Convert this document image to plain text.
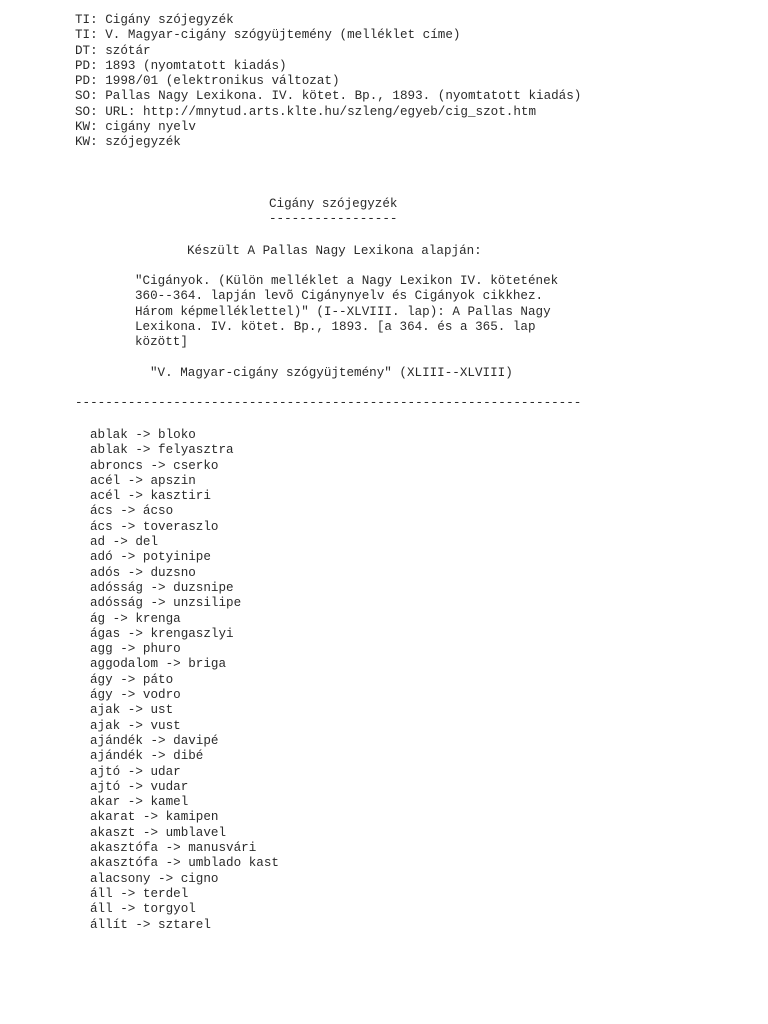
TI: Cigány szójegyzék
TI: V. Magyar-cigány szógyüjtemény (melléklet címe)
DT: szótár
PD: 1893 (nyomtatott kiadás)
PD: 1998/01 (elektronikus változat)
SO: Pallas Nagy Lexikona. IV. kötet. Bp., 1893. (nyomtatott kiadás)
SO: URL: http://mnytud.arts.klte.hu/szleng/egyeb/cig_szot.htm
KW: cigány nyelv
KW: szójegyzék
Cigány szójegyzék
-----------------
Készült A Pallas Nagy Lexikona alapján:
"Cigányok. (Külön melléklet a Nagy Lexikon IV. kötetének
360--364. lapján levõ Cigánynyelv és Cigányok cikkhez.
Három képmelléklettel)" (I--XLVIII. lap): A Pallas Nagy
Lexikona. IV. kötet. Bp., 1893. [a 364. és a 365. lap
között]
"V. Magyar-cigány szógyüjtemény" (XLIII--XLVIII)
-------------------------------------------------------------------
ablak -> bloko
ablak -> felyasztra
abroncs -> cserko
acél -> apszin
acél -> kasztiri
ács -> ácso
ács -> toveraszlo
ad -> del
adó -> potyinipe
adós -> duzsno
adósság -> duzsnipe
adósság -> unzsilipe
ág -> krenga
ágas -> krengaszlyi
agg -> phuro
aggodalom -> briga
ágy -> páto
ágy -> vodro
ajak -> ust
ajak -> vust
ajándék -> davipé
ajándék -> dibé
ajtó -> udar
ajtó -> vudar
akar -> kamel
akarat -> kamipen
akaszt -> umblavel
akasztófa -> manusvári
akasztófa -> umblado kast
alacsony -> cigno
áll -> terdel
áll -> torgyol
állít -> sztarel
